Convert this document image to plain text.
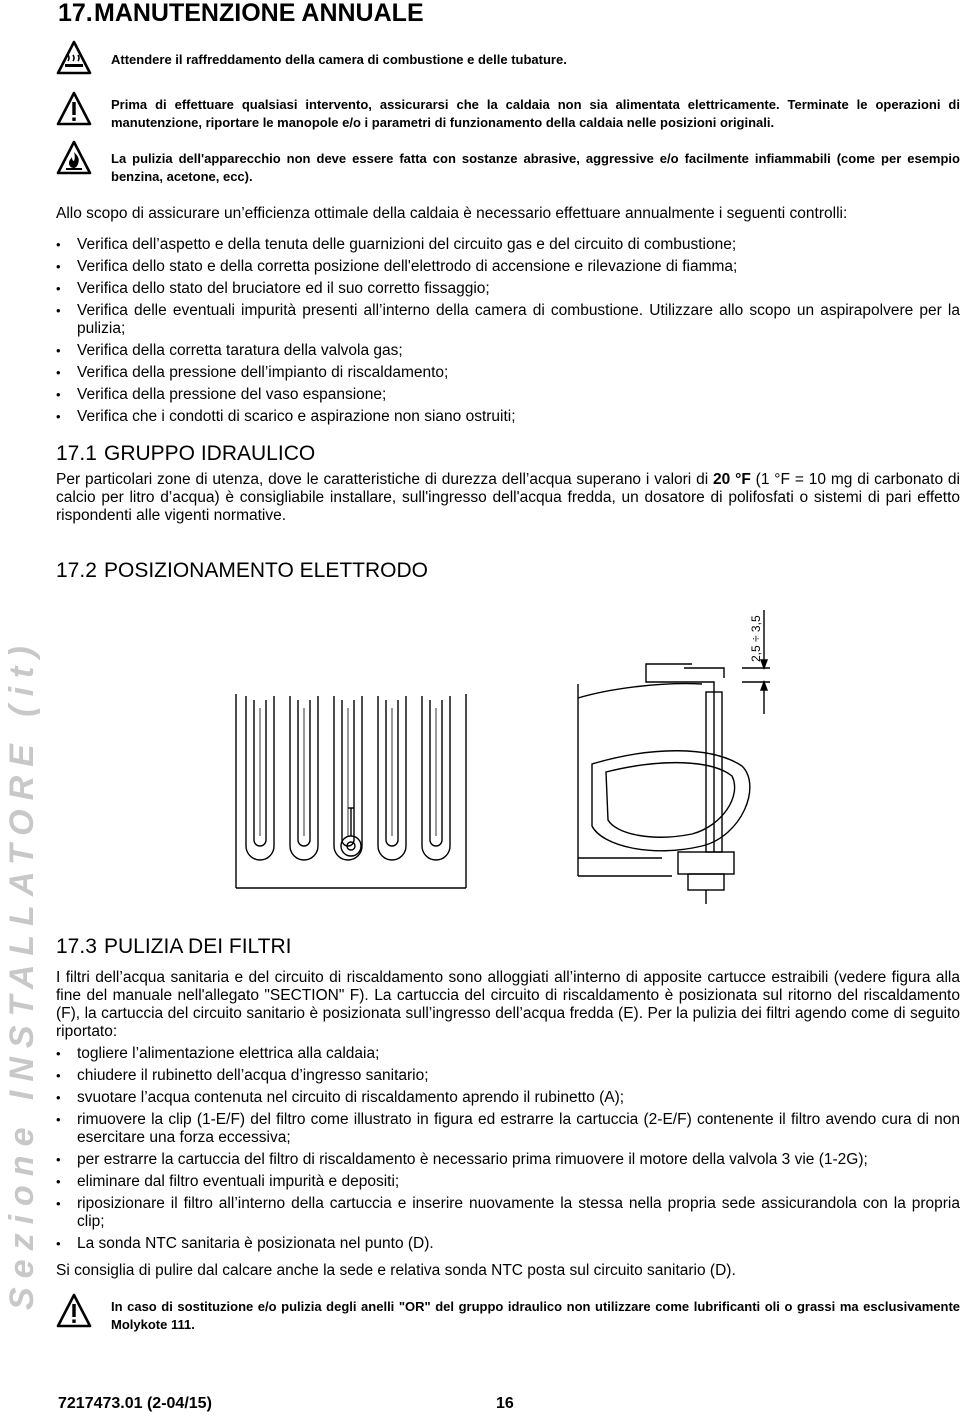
Sezione INSTALLATORE (it)
17.MANUTENZIONE ANNUALE
Attendere il raffreddamento della camera di combustione e delle tubature.
Prima di effettuare qualsiasi intervento, assicurarsi che la caldaia non sia alimentata elettricamente. Terminate le operazioni di manutenzione, riportare le manopole e/o i parametri di funzionamento della caldaia nelle posizioni originali.
La pulizia dell'apparecchio non deve essere fatta con sostanze abrasive, aggressive e/o facilmente infiammabili (come per esempio benzina, acetone, ecc).
Allo scopo di assicurare un’efficienza ottimale della caldaia è necessario effettuare annualmente i seguenti controlli:
• Verifica dell’aspetto e della tenuta delle guarnizioni del circuito gas e del circuito di combustione;
• Verifica dello stato e della corretta posizione dell'elettrodo di accensione e rilevazione di fiamma;
• Verifica dello stato del bruciatore ed il suo corretto fissaggio;
• Verifica delle eventuali impurità presenti all’interno della camera di combustione. Utilizzare allo scopo un aspirapolvere per la pulizia;
• Verifica della corretta taratura della valvola gas;
• Verifica della pressione dell’impianto di riscaldamento;
• Verifica della pressione del vaso espansione;
• Verifica che i condotti di scarico e aspirazione non siano ostruiti;
17.1 GRUPPO IDRAULICO
Per particolari zone di utenza, dove le caratteristiche di durezza dell’acqua superano i valori di 20 °F (1 °F = 10 mg di carbonato di calcio per litro d’acqua) è consigliabile installare, sull'ingresso dell'acqua fredda, un dosatore di polifosfati o sistemi di pari effetto rispondenti alle vigenti normative.
17.2 POSIZIONAMENTO ELETTRODO
2,5 ÷ 3,5
17.3 PULIZIA DEI FILTRI
I filtri dell’acqua sanitaria e del circuito di riscaldamento sono alloggiati all’interno di apposite cartucce estraibili (vedere figura alla fine del manuale nell'allegato "SECTION" F). La cartuccia del circuito di riscaldamento è posizionata sul ritorno del riscaldamento (F), la cartuccia del circuito sanitario è posizionata sull’ingresso dell’acqua fredda (E). Per la pulizia dei filtri agendo come di seguito riportato:
• togliere l’alimentazione elettrica alla caldaia;
• chiudere il rubinetto dell’acqua d’ingresso sanitario;
• svuotare l’acqua contenuta nel circuito di riscaldamento aprendo il rubinetto (A);
• rimuovere la clip (1-E/F) del filtro come illustrato in figura ed estrarre la cartuccia (2-E/F) contenente il filtro avendo cura di non esercitare una forza eccessiva;
• per estrarre la cartuccia del filtro di riscaldamento è necessario prima rimuovere il motore della valvola 3 vie (1-2G);
• eliminare dal filtro eventuali impurità e depositi;
• riposizionare il filtro all’interno della cartuccia e inserire nuovamente la stessa nella propria sede assicurandola con la propria clip;
• La sonda NTC sanitaria è posizionata nel punto (D).
Si consiglia di pulire dal calcare anche la sede e relativa sonda NTC posta sul circuito sanitario (D).
In caso di sostituzione e/o pulizia degli anelli "OR" del gruppo idraulico non utilizzare come lubrificanti oli o grassi ma esclusivamente Molykote 111.
7217473.01 (2-04/15)	16
